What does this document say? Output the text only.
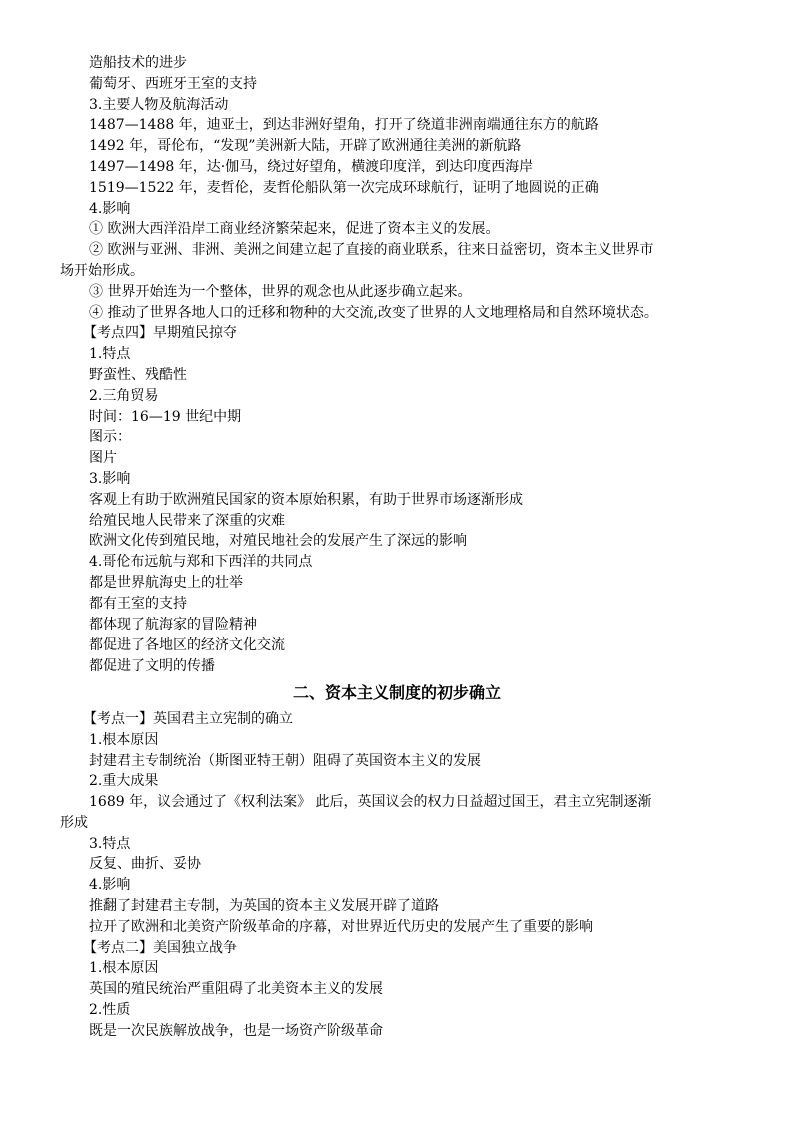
造船技术的进步
葡萄牙、西班牙王室的支持
3.主要人物及航海活动
1487—1488 年，迪亚士，到达非洲好望角，打开了绕道非洲南端通往东方的航路
1492 年，哥伦布，“发现”美洲新大陆，开辟了欧洲通往美洲的新航路
1497—1498 年，达·伽马，绕过好望角，横渡印度洋，到达印度西海岸
1519—1522 年，麦哲伦，麦哲伦船队第一次完成环球航行，证明了地圆说的正确
4.影响
① 欧洲大西洋沿岸工商业经济繁荣起来，促进了资本主义的发展。
② 欧洲与亚洲、非洲、美洲之间建立起了直接的商业联系，往来日益密切，资本主义世界市
场开始形成。
③ 世界开始连为一个整体，世界的观念也从此逐步确立起来。
④ 推动了世界各地人口的迁移和物种的大交流,改变了世界的人文地理格局和自然环境状态。
【考点四】早期殖民掠夺
1.特点
野蛮性、残酷性
2.三角贸易
时间：16—19 世纪中期
图示：
图片
3.影响
客观上有助于欧洲殖民国家的资本原始积累，有助于世界市场逐渐形成
给殖民地人民带来了深重的灾难
欧洲文化传到殖民地，对殖民地社会的发展产生了深远的影响
4.哥伦布远航与郑和下西洋的共同点
都是世界航海史上的壮举
都有王室的支持
都体现了航海家的冒险精神
都促进了各地区的经济文化交流
都促进了文明的传播
二、资本主义制度的初步确立
【考点一】英国君主立宪制的确立
1.根本原因
封建君主专制统治（斯图亚特王朝）阻碍了英国资本主义的发展
2.重大成果
1689 年，议会通过了《权利法案》 此后，英国议会的权力日益超过国王，君主立宪制逐渐
形成
3.特点
反复、曲折、妥协
4.影响
推翻了封建君主专制，为英国的资本主义发展开辟了道路
拉开了欧洲和北美资产阶级革命的序幕，对世界近代历史的发展产生了重要的影响
【考点二】美国独立战争
1.根本原因
英国的殖民统治严重阻碍了北美资本主义的发展
2.性质
既是一次民族解放战争，也是一场资产阶级革命
